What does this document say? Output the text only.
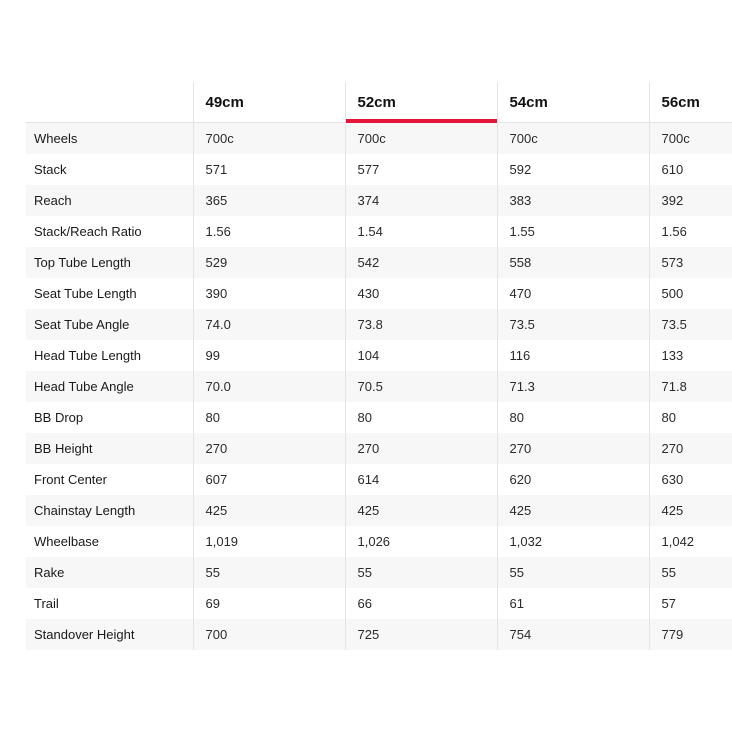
	49cm	52cm	54cm	56cm
Wheels	700c	700c	700c	700c
Stack	571	577	592	610
Reach	365	374	383	392
Stack/Reach Ratio	1.56	1.54	1.55	1.56
Top Tube Length	529	542	558	573
Seat Tube Length	390	430	470	500
Seat Tube Angle	74.0	73.8	73.5	73.5
Head Tube Length	99	104	116	133
Head Tube Angle	70.0	70.5	71.3	71.8
BB Drop	80	80	80	80
BB Height	270	270	270	270
Front Center	607	614	620	630
Chainstay Length	425	425	425	425
Wheelbase	1,019	1,026	1,032	1,042
Rake	55	55	55	55
Trail	69	66	61	57
Standover Height	700	725	754	779
